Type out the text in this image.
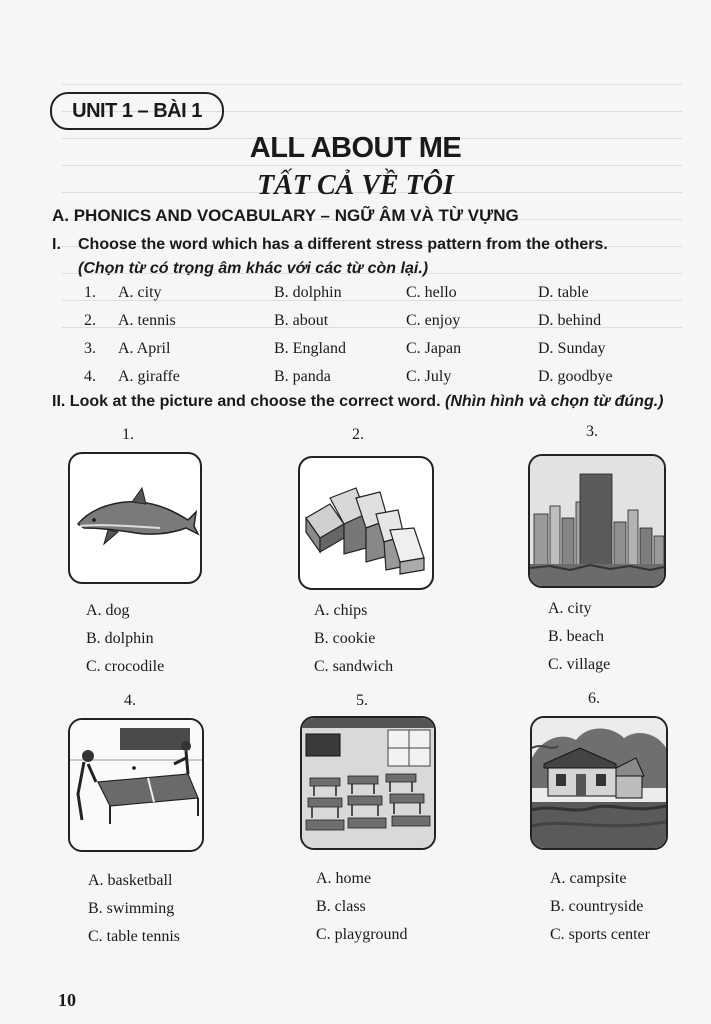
UNIT 1 – BÀI 1
ALL ABOUT ME
TẤT CẢ VỀ TÔI
A. PHONICS AND VOCABULARY – NGỮ ÂM VÀ TỪ VỰNG
I. Choose the word which has a different stress pattern from the others.
(Chọn từ có trọng âm khác với các từ còn lại.)
1. A. city	B. dolphin	C. hello	D. table
2. A. tennis	B. about	C. enjoy	D. behind
3. A. April	B. England	C. Japan	D. Sunday
4. A. giraffe	B. panda	C. July	D. goodbye
II. Look at the picture and choose the correct word. (Nhìn hình và chọn từ đúng.)
1.
A. dog
B. dolphin
C. crocodile
2.
A. chips
B. cookie
C. sandwich
3.
A. city
B. beach
C. village
4.
A. basketball
B. swimming
C. table tennis
5.
A. home
B. class
C. playground
6.
A. campsite
B. countryside
C. sports center
10
